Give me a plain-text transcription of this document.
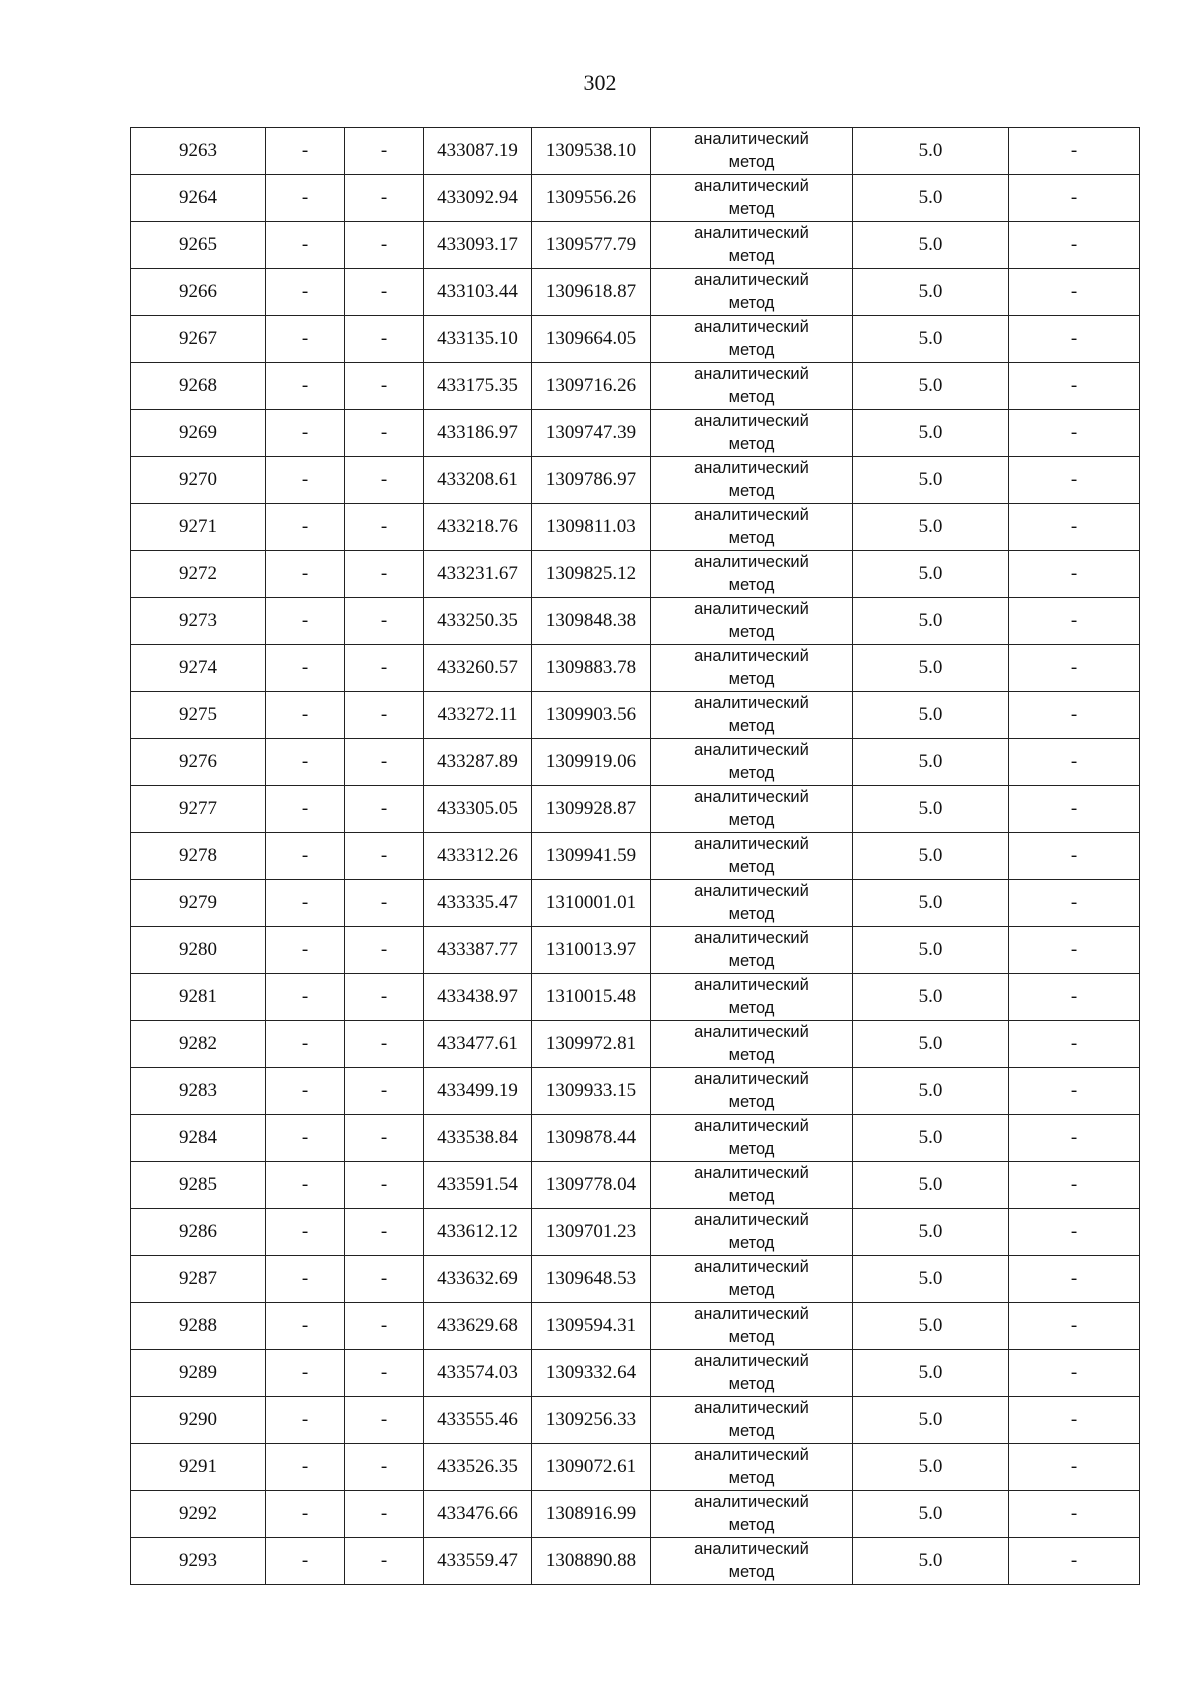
302
9263	-	-	433087.19	1309538.10	аналитический
метод	5.0	-
9264	-	-	433092.94	1309556.26	аналитический
метод	5.0	-
9265	-	-	433093.17	1309577.79	аналитический
метод	5.0	-
9266	-	-	433103.44	1309618.87	аналитический
метод	5.0	-
9267	-	-	433135.10	1309664.05	аналитический
метод	5.0	-
9268	-	-	433175.35	1309716.26	аналитический
метод	5.0	-
9269	-	-	433186.97	1309747.39	аналитический
метод	5.0	-
9270	-	-	433208.61	1309786.97	аналитический
метод	5.0	-
9271	-	-	433218.76	1309811.03	аналитический
метод	5.0	-
9272	-	-	433231.67	1309825.12	аналитический
метод	5.0	-
9273	-	-	433250.35	1309848.38	аналитический
метод	5.0	-
9274	-	-	433260.57	1309883.78	аналитический
метод	5.0	-
9275	-	-	433272.11	1309903.56	аналитический
метод	5.0	-
9276	-	-	433287.89	1309919.06	аналитический
метод	5.0	-
9277	-	-	433305.05	1309928.87	аналитический
метод	5.0	-
9278	-	-	433312.26	1309941.59	аналитический
метод	5.0	-
9279	-	-	433335.47	1310001.01	аналитический
метод	5.0	-
9280	-	-	433387.77	1310013.97	аналитический
метод	5.0	-
9281	-	-	433438.97	1310015.48	аналитический
метод	5.0	-
9282	-	-	433477.61	1309972.81	аналитический
метод	5.0	-
9283	-	-	433499.19	1309933.15	аналитический
метод	5.0	-
9284	-	-	433538.84	1309878.44	аналитический
метод	5.0	-
9285	-	-	433591.54	1309778.04	аналитический
метод	5.0	-
9286	-	-	433612.12	1309701.23	аналитический
метод	5.0	-
9287	-	-	433632.69	1309648.53	аналитический
метод	5.0	-
9288	-	-	433629.68	1309594.31	аналитический
метод	5.0	-
9289	-	-	433574.03	1309332.64	аналитический
метод	5.0	-
9290	-	-	433555.46	1309256.33	аналитический
метод	5.0	-
9291	-	-	433526.35	1309072.61	аналитический
метод	5.0	-
9292	-	-	433476.66	1308916.99	аналитический
метод	5.0	-
9293	-	-	433559.47	1308890.88	аналитический
метод	5.0	-
